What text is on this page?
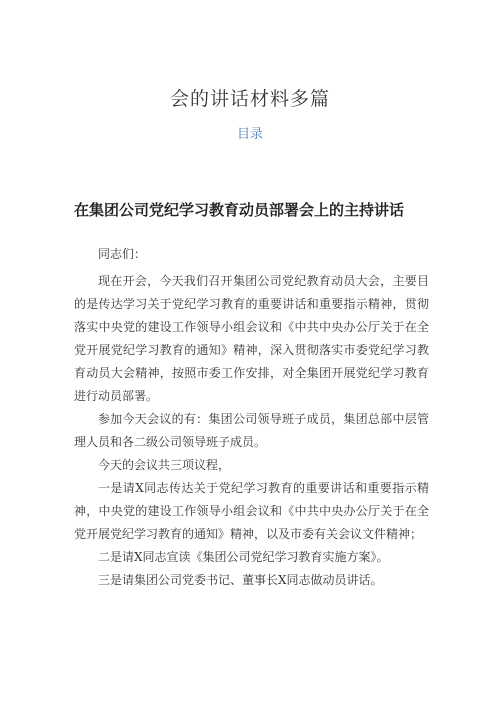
会的讲话材料多篇
目录
在集团公司党纪学习教育动员部署会上的主持讲话

同志们：

现在开会，今天我们召开集团公司党纪教育动员大会，主要目的是传达学习关于党纪学习教育的重要讲话和重要指示精神，贯彻落实中央党的建设工作领导小组会议和《中共中央办公厅关于在全党开展党纪学习教育的通知》精神，深入贯彻落实市委党纪学习教育动员大会精神，按照市委工作安排，对全集团开展党纪学习教育进行动员部署。

参加今天会议的有：集团公司领导班子成员，集团总部中层管理人员和各二级公司领导班子成员。

今天的会议共三项议程，

一是请X同志传达关于党纪学习教育的重要讲话和重要指示精神，中央党的建设工作领导小组会议和《中共中央办公厅关于在全党开展党纪学习教育的通知》精神，以及市委有关会议文件精神；

二是请X同志宣读《集团公司党纪学习教育实施方案》。

三是请集团公司党委书记、董事长X同志做动员讲话。
